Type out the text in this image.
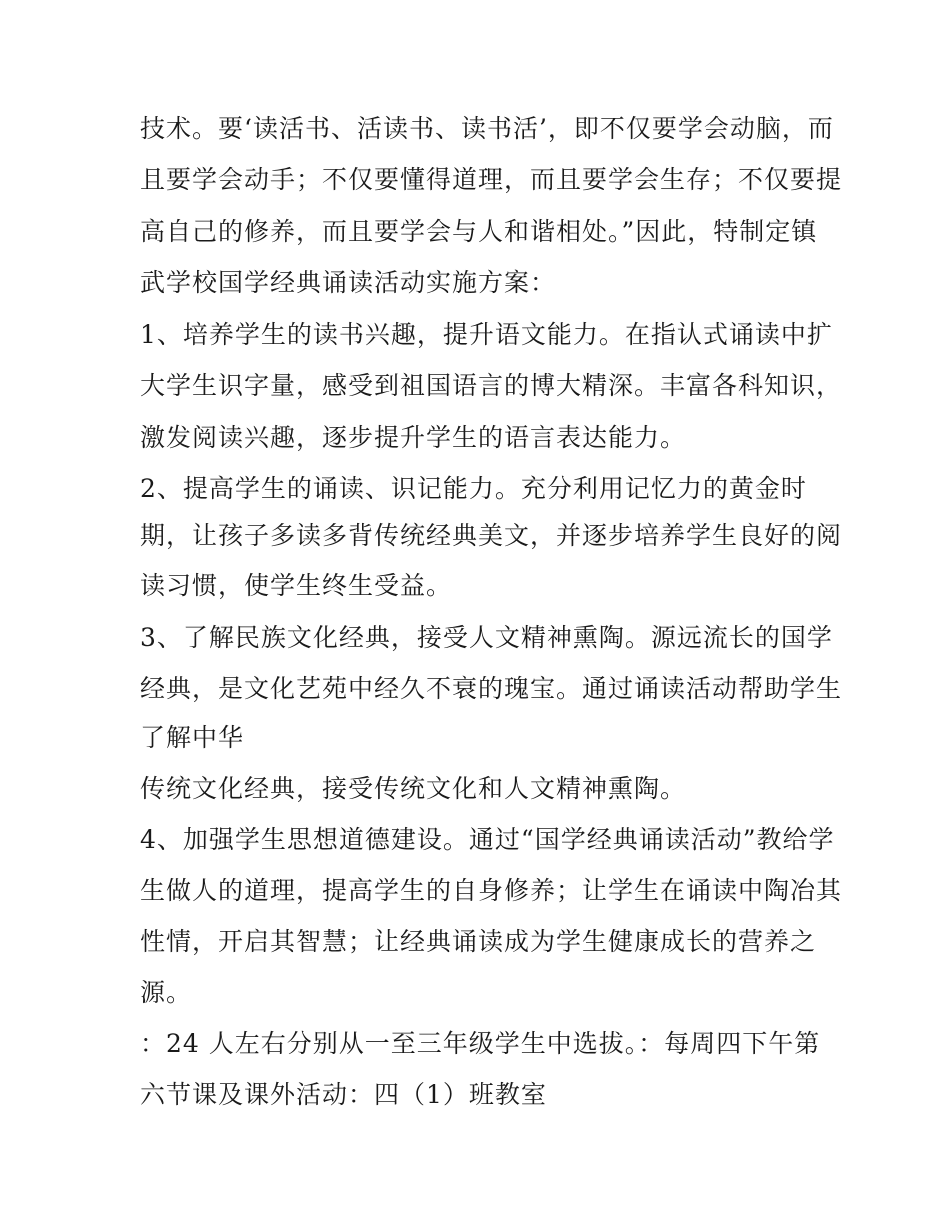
技术。要‘读活书、活读书、读书活’，即不仅要学会动脑，而
且要学会动手；不仅要懂得道理，而且要学会生存；不仅要提
高自己的修养，而且要学会与人和谐相处。”因此，特制定镇
武学校国学经典诵读活动实施方案：
1、培养学生的读书兴趣，提升语文能力。在指认式诵读中扩
大学生识字量，感受到祖国语言的博大精深。丰富各科知识，
激发阅读兴趣，逐步提升学生的语言表达能力。
2、提高学生的诵读、识记能力。充分利用记忆力的黄金时
期，让孩子多读多背传统经典美文，并逐步培养学生良好的阅
读习惯，使学生终生受益。
3、了解民族文化经典，接受人文精神熏陶。源远流长的国学
经典，是文化艺苑中经久不衰的瑰宝。通过诵读活动帮助学生
了解中华
传统文化经典，接受传统文化和人文精神熏陶。
4、加强学生思想道德建设。通过“国学经典诵读活动”教给学
生做人的道理，提高学生的自身修养；让学生在诵读中陶冶其
性情，开启其智慧；让经典诵读成为学生健康成长的营养之
源。
：24 人左右分别从一至三年级学生中选拔。：每周四下午第
六节课及课外活动：四（1）班教室
